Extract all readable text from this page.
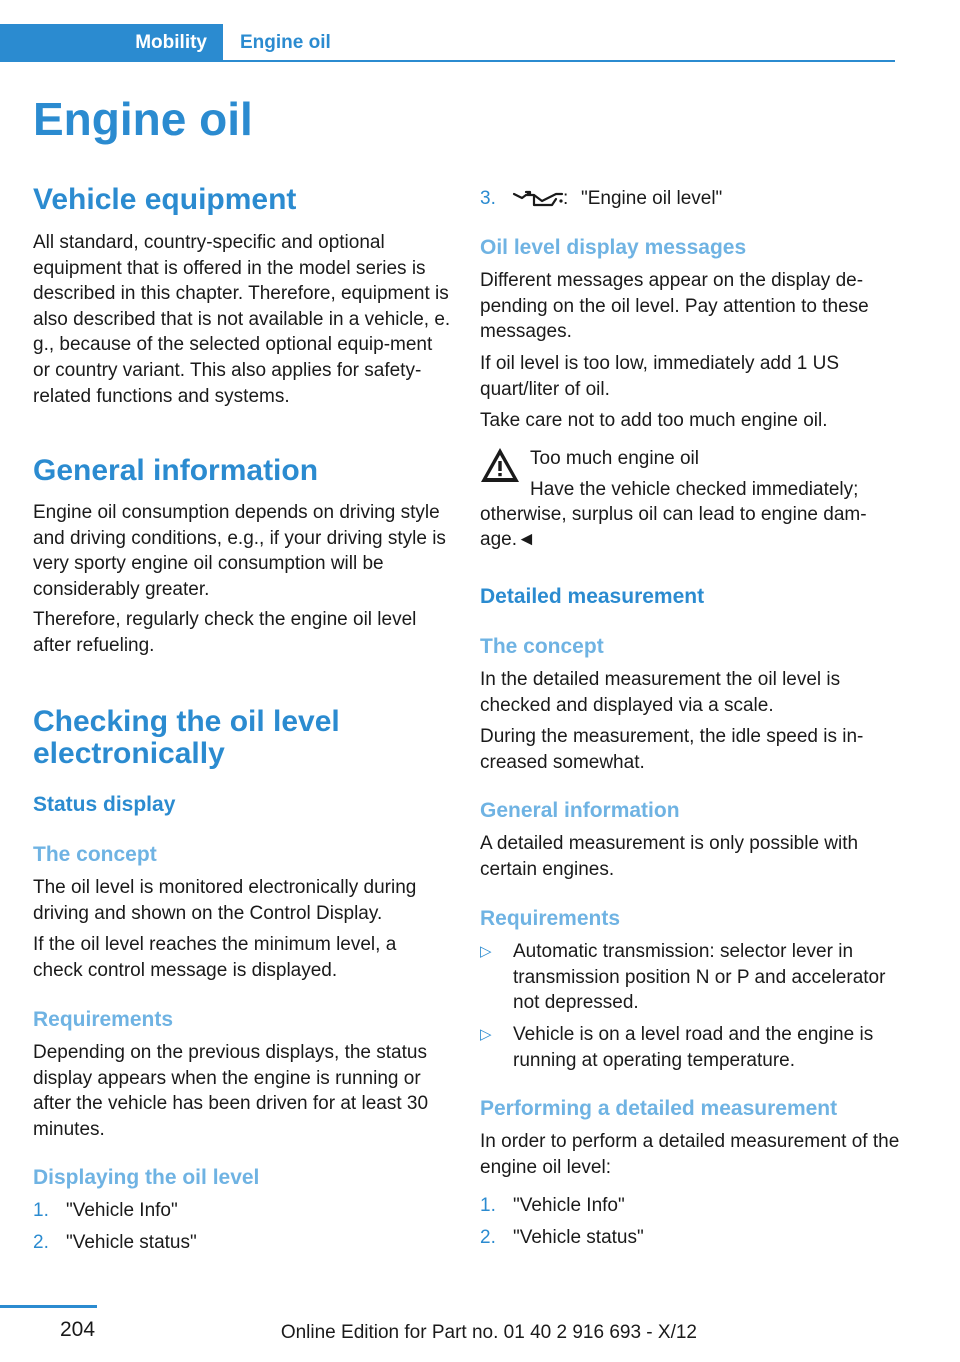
Mobility	Engine oil
Engine oil
Vehicle equipment

All standard, country-specific and optional equipment that is offered in the model series is described in this chapter. Therefore, equipment is also described that is not available in a vehicle, e. g., because of the selected optional equip-ment or country variant. This also applies for safety-related functions and systems.

General information

Engine oil consumption depends on driving style and driving conditions, e.g., if your driving style is very sporty engine oil consumption will be considerably greater.

Therefore, regularly check the engine oil level after refueling.

Checking the oil level electronically
Status display
The concept

The oil level is monitored electronically during driving and shown on the Control Display.

If the oil level reaches the minimum level, a check control message is displayed.

Requirements

Depending on the previous displays, the status display appears when the engine is running or after the vehicle has been driven for at least 30 minutes.

Displaying the oil level
1. "Vehicle Info"
2. "Vehicle status"
3.	: "Engine oil level"
Oil level display messages

Different messages appear on the display de-pending on the oil level. Pay attention to these messages.

If oil level is too low, immediately add 1 US quart/liter of oil.

Take care not to add too much engine oil.

Too much engine oil

Have the vehicle checked immediately;

otherwise, surplus oil can lead to engine dam-

age.◄

Detailed measurement
The concept

In the detailed measurement the oil level is checked and displayed via a scale.

During the measurement, the idle speed is in-creased somewhat.

General information

A detailed measurement is only possible with certain engines.

Requirements
▷ Automatic transmission: selector lever in transmission position N or P and accelerator not depressed.
▷ Vehicle is on a level road and the engine is running at operating temperature.
Performing a detailed measurement

In order to perform a detailed measurement of the engine oil level:

1. "Vehicle Info"
2. "Vehicle status"
204	Online Edition for Part no. 01 40 2 916 693 - X/12
